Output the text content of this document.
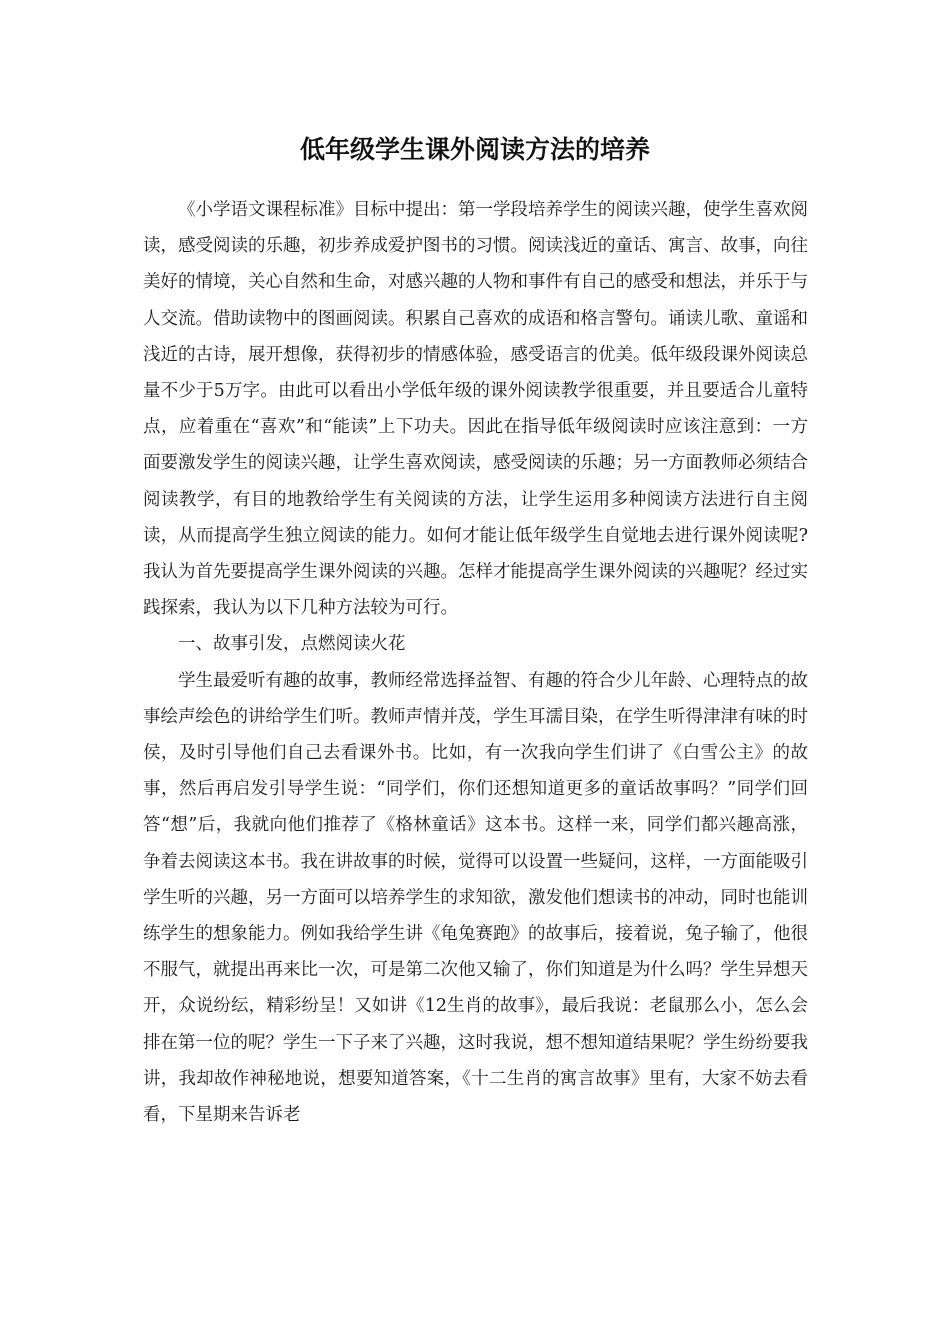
低年级学生课外阅读方法的培养

《小学语文课程标准》目标中提出：第一学段培养学生的阅读兴趣，使学生喜欢阅读，感受阅读的乐趣，初步养成爱护图书的习惯。阅读浅近的童话、寓言、故事，向往美好的情境，关心自然和生命，对感兴趣的人物和事件有自己的感受和想法，并乐于与人交流。借助读物中的图画阅读。积累自己喜欢的成语和格言警句。诵读儿歌、童谣和浅近的古诗，展开想像，获得初步的情感体验，感受语言的优美。低年级段课外阅读总量不少于5万字。由此可以看出小学低年级的课外阅读教学很重要，并且要适合儿童特点，应着重在“喜欢”和“能读”上下功夫。因此在指导低年级阅读时应该注意到：一方面要激发学生的阅读兴趣，让学生喜欢阅读，感受阅读的乐趣；另一方面教师必须结合阅读教学，有目的地教给学生有关阅读的方法，让学生运用多种阅读方法进行自主阅读，从而提高学生独立阅读的能力。如何才能让低年级学生自觉地去进行课外阅读呢?我认为首先要提高学生课外阅读的兴趣。怎样才能提高学生课外阅读的兴趣呢？经过实践探索，我认为以下几种方法较为可行。

一、故事引发，点燃阅读火花

学生最爱听有趣的故事，教师经常选择益智、有趣的符合少儿年龄、心理特点的故事绘声绘色的讲给学生们听。教师声情并茂，学生耳濡目染，在学生听得津津有味的时侯，及时引导他们自己去看课外书。比如，有一次我向学生们讲了《白雪公主》的故事，然后再启发引导学生说：“同学们，你们还想知道更多的童话故事吗？”同学们回答“想”后，我就向他们推荐了《格林童话》这本书。这样一来，同学们都兴趣高涨，争着去阅读这本书。我在讲故事的时候，觉得可以设置一些疑问，这样，一方面能吸引学生听的兴趣，另一方面可以培养学生的求知欲，激发他们想读书的冲动，同时也能训练学生的想象能力。例如我给学生讲《龟兔赛跑》的故事后，接着说，兔子输了，他很不服气，就提出再来比一次，可是第二次他又输了，你们知道是为什么吗？学生异想天开，众说纷纭，精彩纷呈！又如讲《12生肖的故事》，最后我说：老鼠那么小，怎么会排在第一位的呢？学生一下子来了兴趣，这时我说，想不想知道结果呢？学生纷纷要我讲，我却故作神秘地说，想要知道答案，《十二生肖的寓言故事》里有，大家不妨去看看，下星期来告诉老
